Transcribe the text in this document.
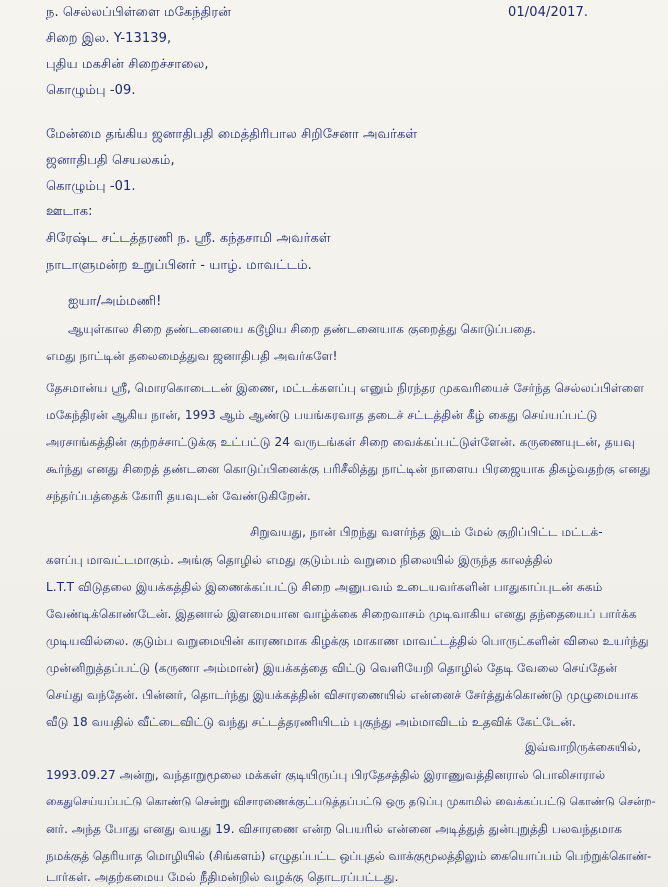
ந. செல்லப்பிள்ளை மகேந்திரன்	01/04/2017.
சிறை இல. Y-13139,
புதிய மகசின் சிறைச்சாலை,
கொழும்பு -09.
மேன்மை தங்கிய ஜனாதிபதி மைத்திரிபால சிறிசேனா அவர்கள்
ஜனாதிபதி செயலகம்,
கொழும்பு -01.
ஊடாக:
சிரேஷ்ட சட்டத்தரணி ந. ஸ்ரீ. கந்தசாமி அவர்கள்
நாடாளுமன்ற உறுப்பினர் - யாழ். மாவட்டம்.
ஐயா/அம்மணி!
ஆயுள்கால சிறை தண்டனையை கடூழிய சிறை தண்டனையாக குறைத்து கொடுப்பதை.
எமது நாட்டின் தலைமைத்துவ ஜனாதிபதி அவர்களே!
தேசமான்ய ஸ்ரீ, மொரகொடைடன் இணை, மட்டக்களப்பு எனும் நிரந்தர முகவரியைச் சேர்ந்த செல்லப்பிள்ளை
மகேந்திரன் ஆகிய நான், 1993 ஆம் ஆண்டு பயங்கரவாத தடைச் சட்டத்தின் கீழ் கைது செய்யப்பட்டு
அரசாங்கத்தின் குற்றச்சாட்டுக்கு உட்பட்டு 24 வருடங்கள் சிறை வைக்கப்பட்டுள்ளேன். கருணையுடன், தயவு
கூர்ந்து எனது சிறைத் தண்டனை கொடுப்பினைக்கு பரிசீலித்து நாட்டின் நாளைய பிரஜையாக திகழ்வதற்கு எனது
சந்தர்ப்பத்தைக் கோரி தயவுடன் வேண்டுகிறேன்.
சிறுவயது, நான் பிறந்து வளர்ந்த இடம் மேல் குறிப்பிட்ட மட்டக்-
களப்பு மாவட்டமாகும். அங்கு தொழில் எமது குடும்பம் வறுமை நிலையில் இருந்த காலத்தில்
L.T.T விடுதலை இயக்கத்தில் இணைக்கப்பட்டு சிறை அனுபவம் உடையவர்களின் பாதுகாப்புடன் சுகம்
வேண்டிக்கொண்டேன். இதனால் இளமையான வாழ்க்கை சிறைவாசம் முடிவாகிய எனது தந்தையைப் பார்க்க
முடியவில்லை. குடும்ப வறுமையின் காரணமாக கிழக்கு மாகாண மாவட்டத்தில் பொருட்களின் விலை உயர்ந்து
முன்னிறுத்தப்பட்டு (கருணா அம்மான்) இயக்கத்தை விட்டு வெளியேறி தொழில் தேடி வேலை செய்தேன்
செய்து வந்தேன். பின்னர், தொடர்ந்து இயக்கத்தின் விசாரணையில் என்னைச் சேர்த்துக்கொண்டு முழுமையாக
வீடு 18 வயதில் வீட்டைவிட்டு வந்து சட்டத்தரணியிடம் புகுந்து அம்மாவிடம் உதவிக் கேட்டேன்.
இவ்வாறிருக்கையில்,
1993.09.27 அன்று, வந்தாறுமூலை மக்கள் குடியிருப்பு பிரதேசத்தில் இராணுவத்தினரால் பொலிசாரால்
கைதுசெய்யப்பட்டு கொண்டு சென்று விசாரணைக்குட்படுத்தப்பட்டு ஒரு தடுப்பு முகாமில் வைக்கப்பட்டு கொண்டு சென்ற-
னர். அந்த போது எனது வயது 19. விசாரணை என்ற பெயரில் என்னை அடித்துத் துன்புறுத்தி பலவந்தமாக
நமக்குத் தெரியாத மொழியில் (சிங்களம்) எழுதப்பட்ட ஒப்புதல் வாக்குமூலத்திலும் கையொப்பம் பெற்றுக்கொண்-
டார்கள். அதற்கமைய மேல் நீதிமன்றில் வழக்கு தொடரப்பட்டது.
